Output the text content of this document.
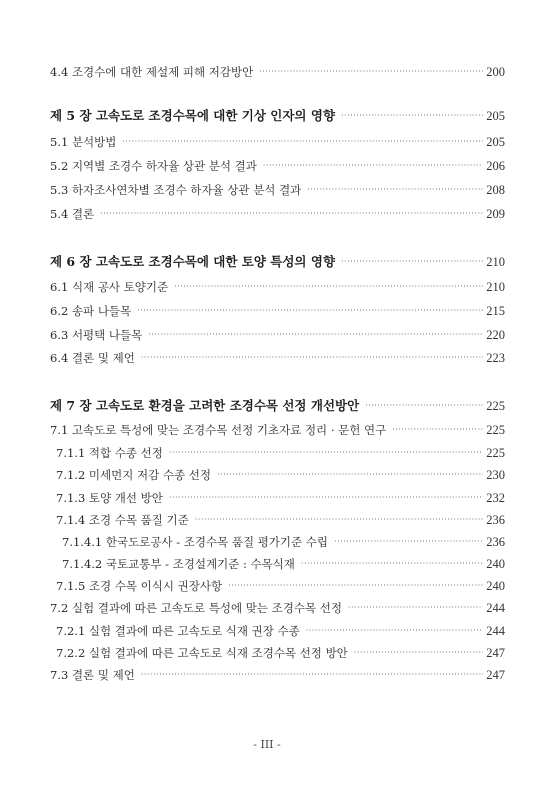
4.4 조경수에 대한 제설제 피해 저감방안 ·····	200
제 5 장 고속도로 조경수목에 대한 기상 인자의 영향 ·····	205
5.1 분석방법 ·····	205
5.2 지역별 조경수 하자율 상관 분석 결과 ·····	206
5.3 하자조사연차별 조경수 하자율 상관 분석 결과 ·····	208
5.4 결론 ·····	209
제 6 장 고속도로 조경수목에 대한 토양 특성의 영향 ·····	210
6.1 식재 공사 토양기준 ·····	210
6.2 송파 나들목 ·····	215
6.3 서평택 나들목 ·····	220
6.4 결론 및 제언 ·····	223
제 7 장 고속도로 환경을 고려한 조경수목 선정 개선방안 ·····	225
7.1 고속도로 특성에 맞는 조경수목 선정 기초자료 정리 · 문헌 연구 ·····	225
7.1.1 적합 수종 선정 ·····	225
7.1.2 미세먼지 저감 수종 선정 ·····	230
7.1.3 토양 개선 방안 ·····	232
7.1.4 조경 수목 품질 기준 ·····	236
7.1.4.1 한국도로공사 - 조경수목 품질 평가기준 수립 ·····	236
7.1.4.2 국토교통부 - 조경설계기준 : 수목식재 ·····	240
7.1.5 조경 수목 이식시 권장사항 ·····	240
7.2 실험 결과에 따른 고속도로 특성에 맞는 조경수목 선정 ·····	244
7.2.1 실험 결과에 따른 고속도로 식재 권장 수종 ·····	244
7.2.2 실험 결과에 따른 고속도로 식재 조경수목 선정 방안 ·····	247
7.3 결론 및 제언 ·····	247
- III -
